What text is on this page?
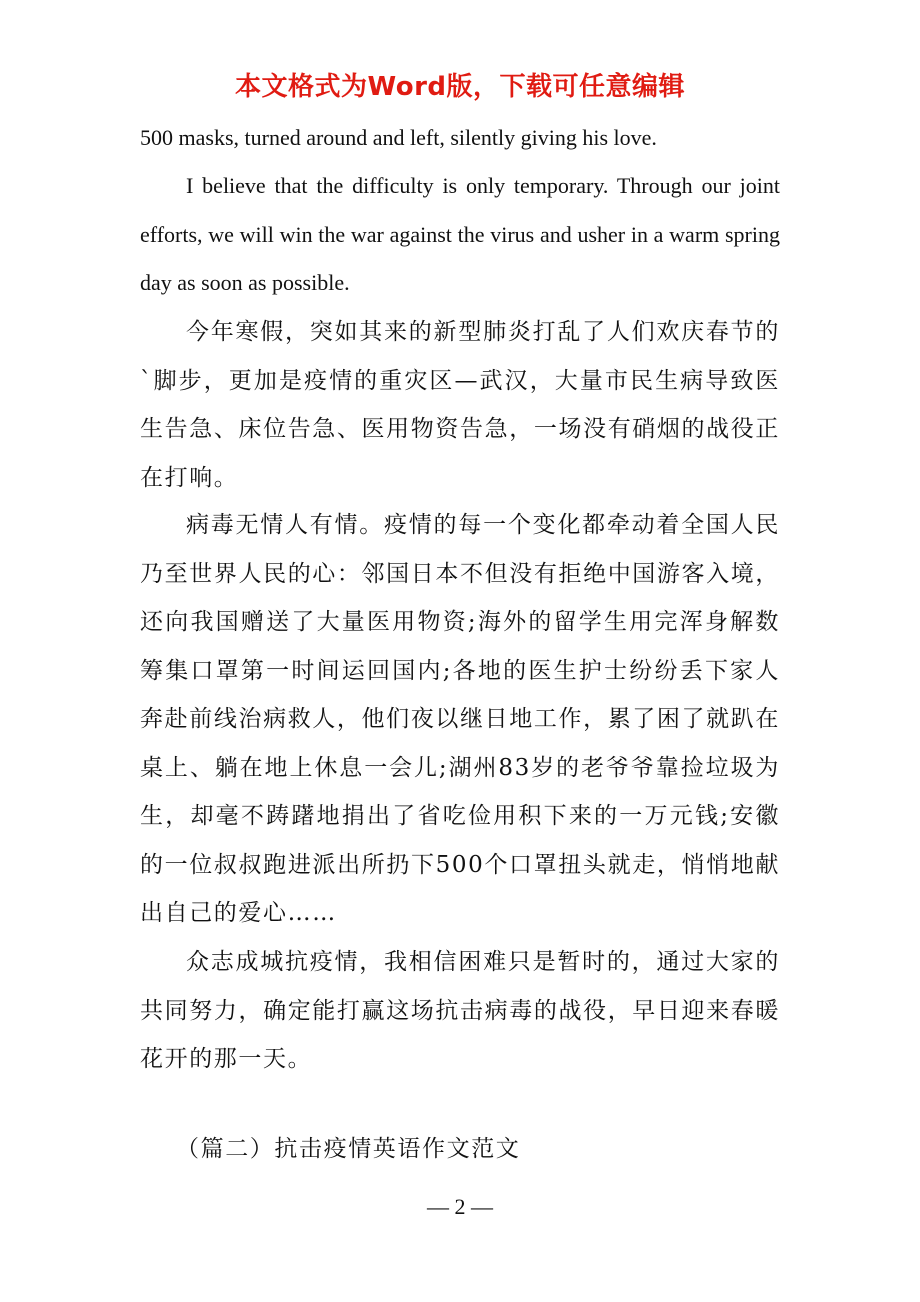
本文格式为Word版，下载可任意编辑

500 masks, turned around and left, silently giving his love.

I believe that the difficulty is only temporary. Through our joint efforts, we will win the war against the virus and usher in a warm spring day as soon as possible.

今年寒假，突如其来的新型肺炎打乱了人们欢庆春节的`脚步，更加是疫情的重灾区—武汉，大量市民生病导致医生告急、床位告急、医用物资告急，一场没有硝烟的战役正在打响。

病毒无情人有情。疫情的每一个变化都牵动着全国人民乃至世界人民的心：邻国日本不但没有拒绝中国游客入境，还向我国赠送了大量医用物资;海外的留学生用完浑身解数筹集口罩第一时间运回国内;各地的医生护士纷纷丢下家人奔赴前线治病救人，他们夜以继日地工作，累了困了就趴在桌上、躺在地上休息一会儿;湖州83岁的老爷爷靠捡垃圾为生，却毫不踌躇地捐出了省吃俭用积下来的一万元钱;安徽的一位叔叔跑进派出所扔下500个口罩扭头就走，悄悄地献出自己的爱心……

众志成城抗疫情，我相信困难只是暂时的，通过大家的共同努力，确定能打赢这场抗击病毒的战役，早日迎来春暖花开的那一天。

（篇二）抗击疫情英语作文范文

— 2 —
